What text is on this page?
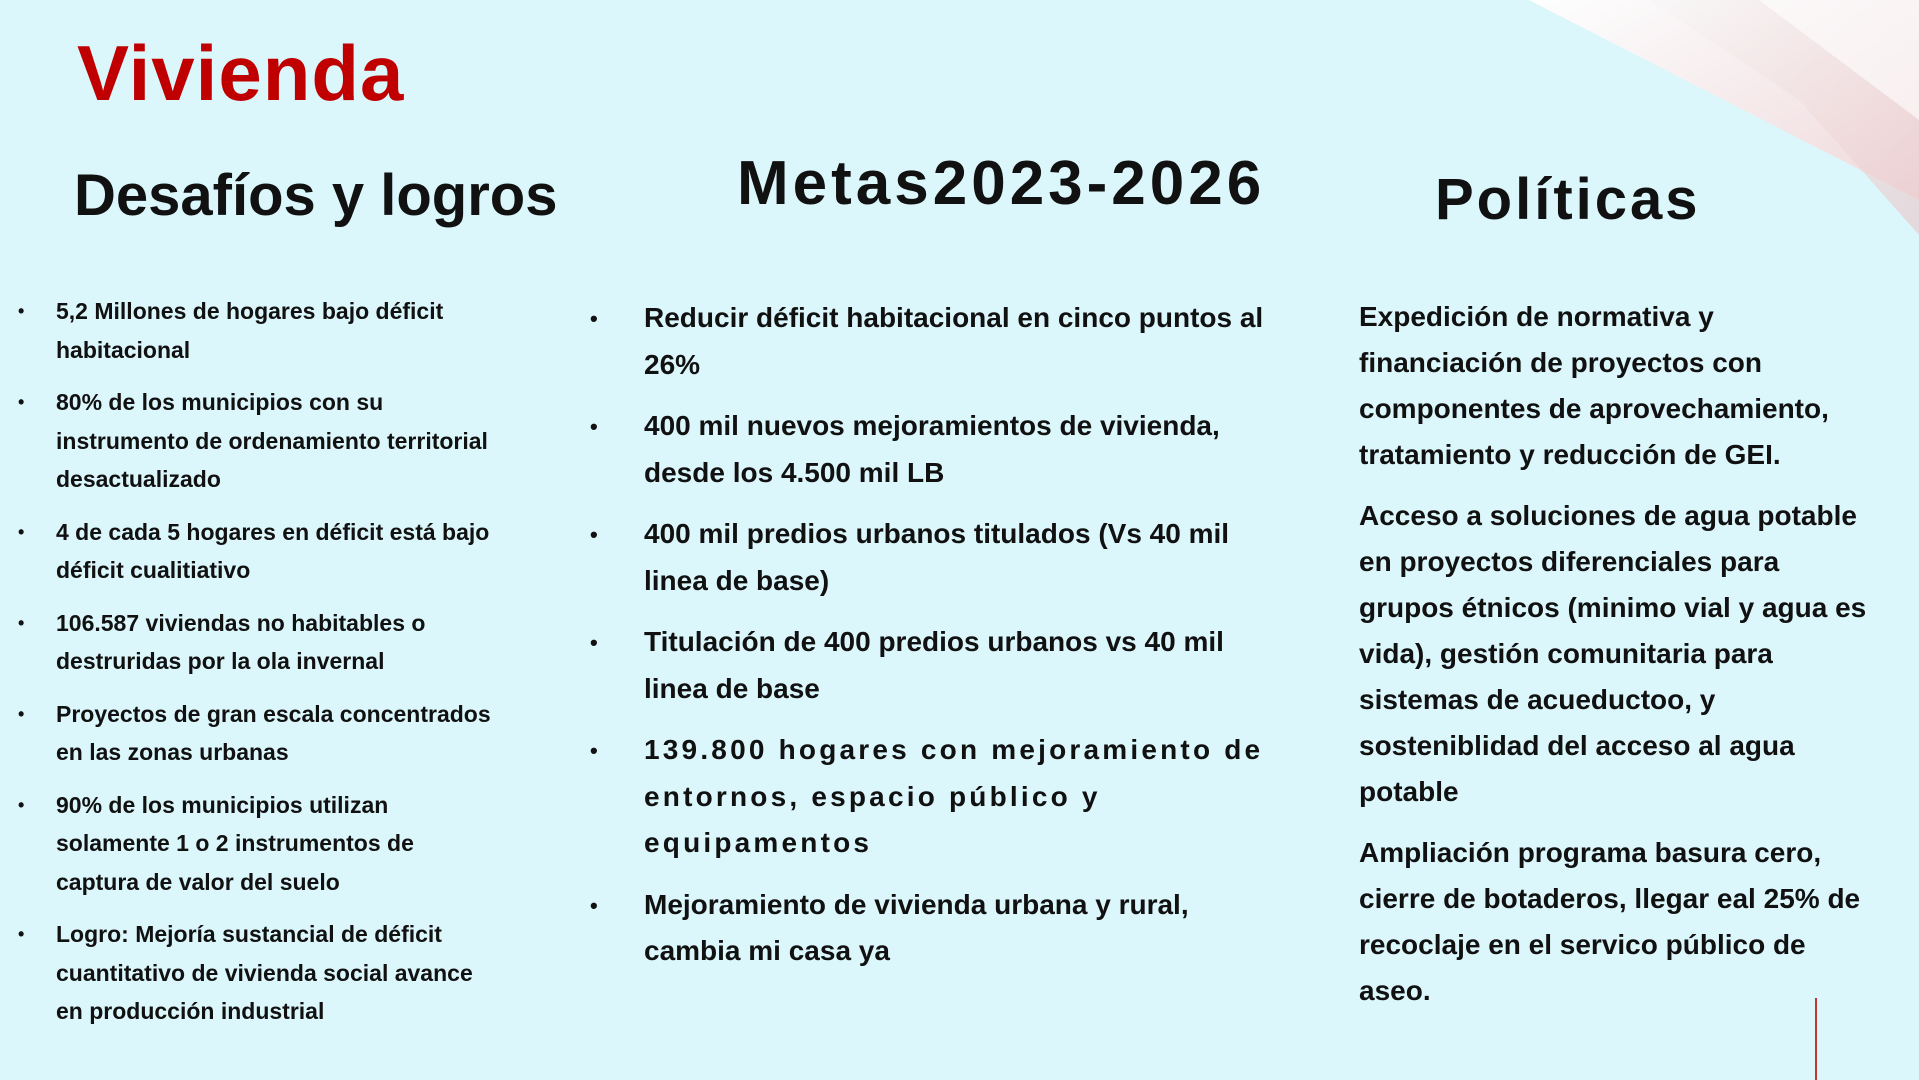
Vivienda
Desafíos y logros	Metas2023-2026	Políticas
• 5,2 Millones de hogares bajo déficit habitacional
• 80% de los municipios con su instrumento de ordenamiento territorial desactualizado
• 4 de cada 5 hogares en déficit está bajo déficit cualitiativo
• 106.587 viviendas no habitables o destruridas por la ola invernal
• Proyectos de gran escala concentrados en las zonas urbanas
• 90% de los municipios utilizan solamente 1 o 2 instrumentos de captura de valor del suelo
• Logro: Mejoría sustancial de déficit cuantitativo de vivienda social avance en producción industrial
• Reducir déficit habitacional en cinco puntos al 26%
• 400 mil nuevos mejoramientos de vivienda, desde los 4.500 mil LB
• 400 mil predios urbanos titulados (Vs 40 mil linea de base)
• Titulación de 400 predios urbanos vs 40 mil linea de base
• 139.800 hogares con mejoramiento de entornos, espacio público y equipamentos
• Mejoramiento de vivienda urbana y rural, cambia mi casa ya

Expedición de normativa y financiación de proyectos con componentes de aprovechamiento, tratamiento y reducción de GEI.

Acceso a soluciones de agua potable en proyectos diferenciales para grupos étnicos (minimo vial y agua es vida), gestión comunitaria para sistemas de acueductoo, y sosteniblidad del acceso al agua potable

Ampliación programa basura cero, cierre de botaderos, llegar eal 25% de recoclaje en el servico público de aseo.
